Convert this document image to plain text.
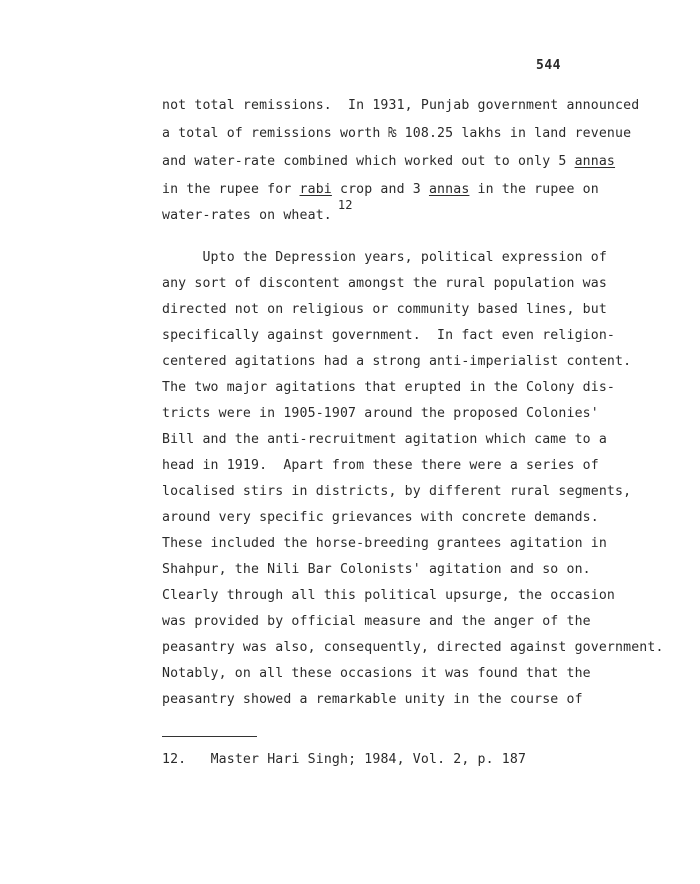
544
not total remissions.  In 1931, Punjab government announced
a total of remissions worth ₨ 108.25 lakhs in land revenue
and water-rate combined which worked out to only 5 annas
in the rupee for rabi crop and 3 annas in the rupee on
water-rates on wheat.12
Upto the Depression years, political expression of
any sort of discontent amongst the rural population was
directed not on religious or community based lines, but
specifically against government.  In fact even religion-
centered agitations had a strong anti-imperialist content.
The two major agitations that erupted in the Colony dis-
tricts were in 1905-1907 around the proposed Colonies'
Bill and the anti-recruitment agitation which came to a
head in 1919.  Apart from these there were a series of
localised stirs in districts, by different rural segments,
around very specific grievances with concrete demands.
These included the horse-breeding grantees agitation in
Shahpur, the Nili Bar Colonists' agitation and so on.
Clearly through all this political upsurge, the occasion
was provided by official measure and the anger of the
peasantry was also, consequently, directed against government.
Notably, on all these occasions it was found that the
peasantry showed a remarkable unity in the course of
12. Master Hari Singh; 1984, Vol. 2, p. 187
